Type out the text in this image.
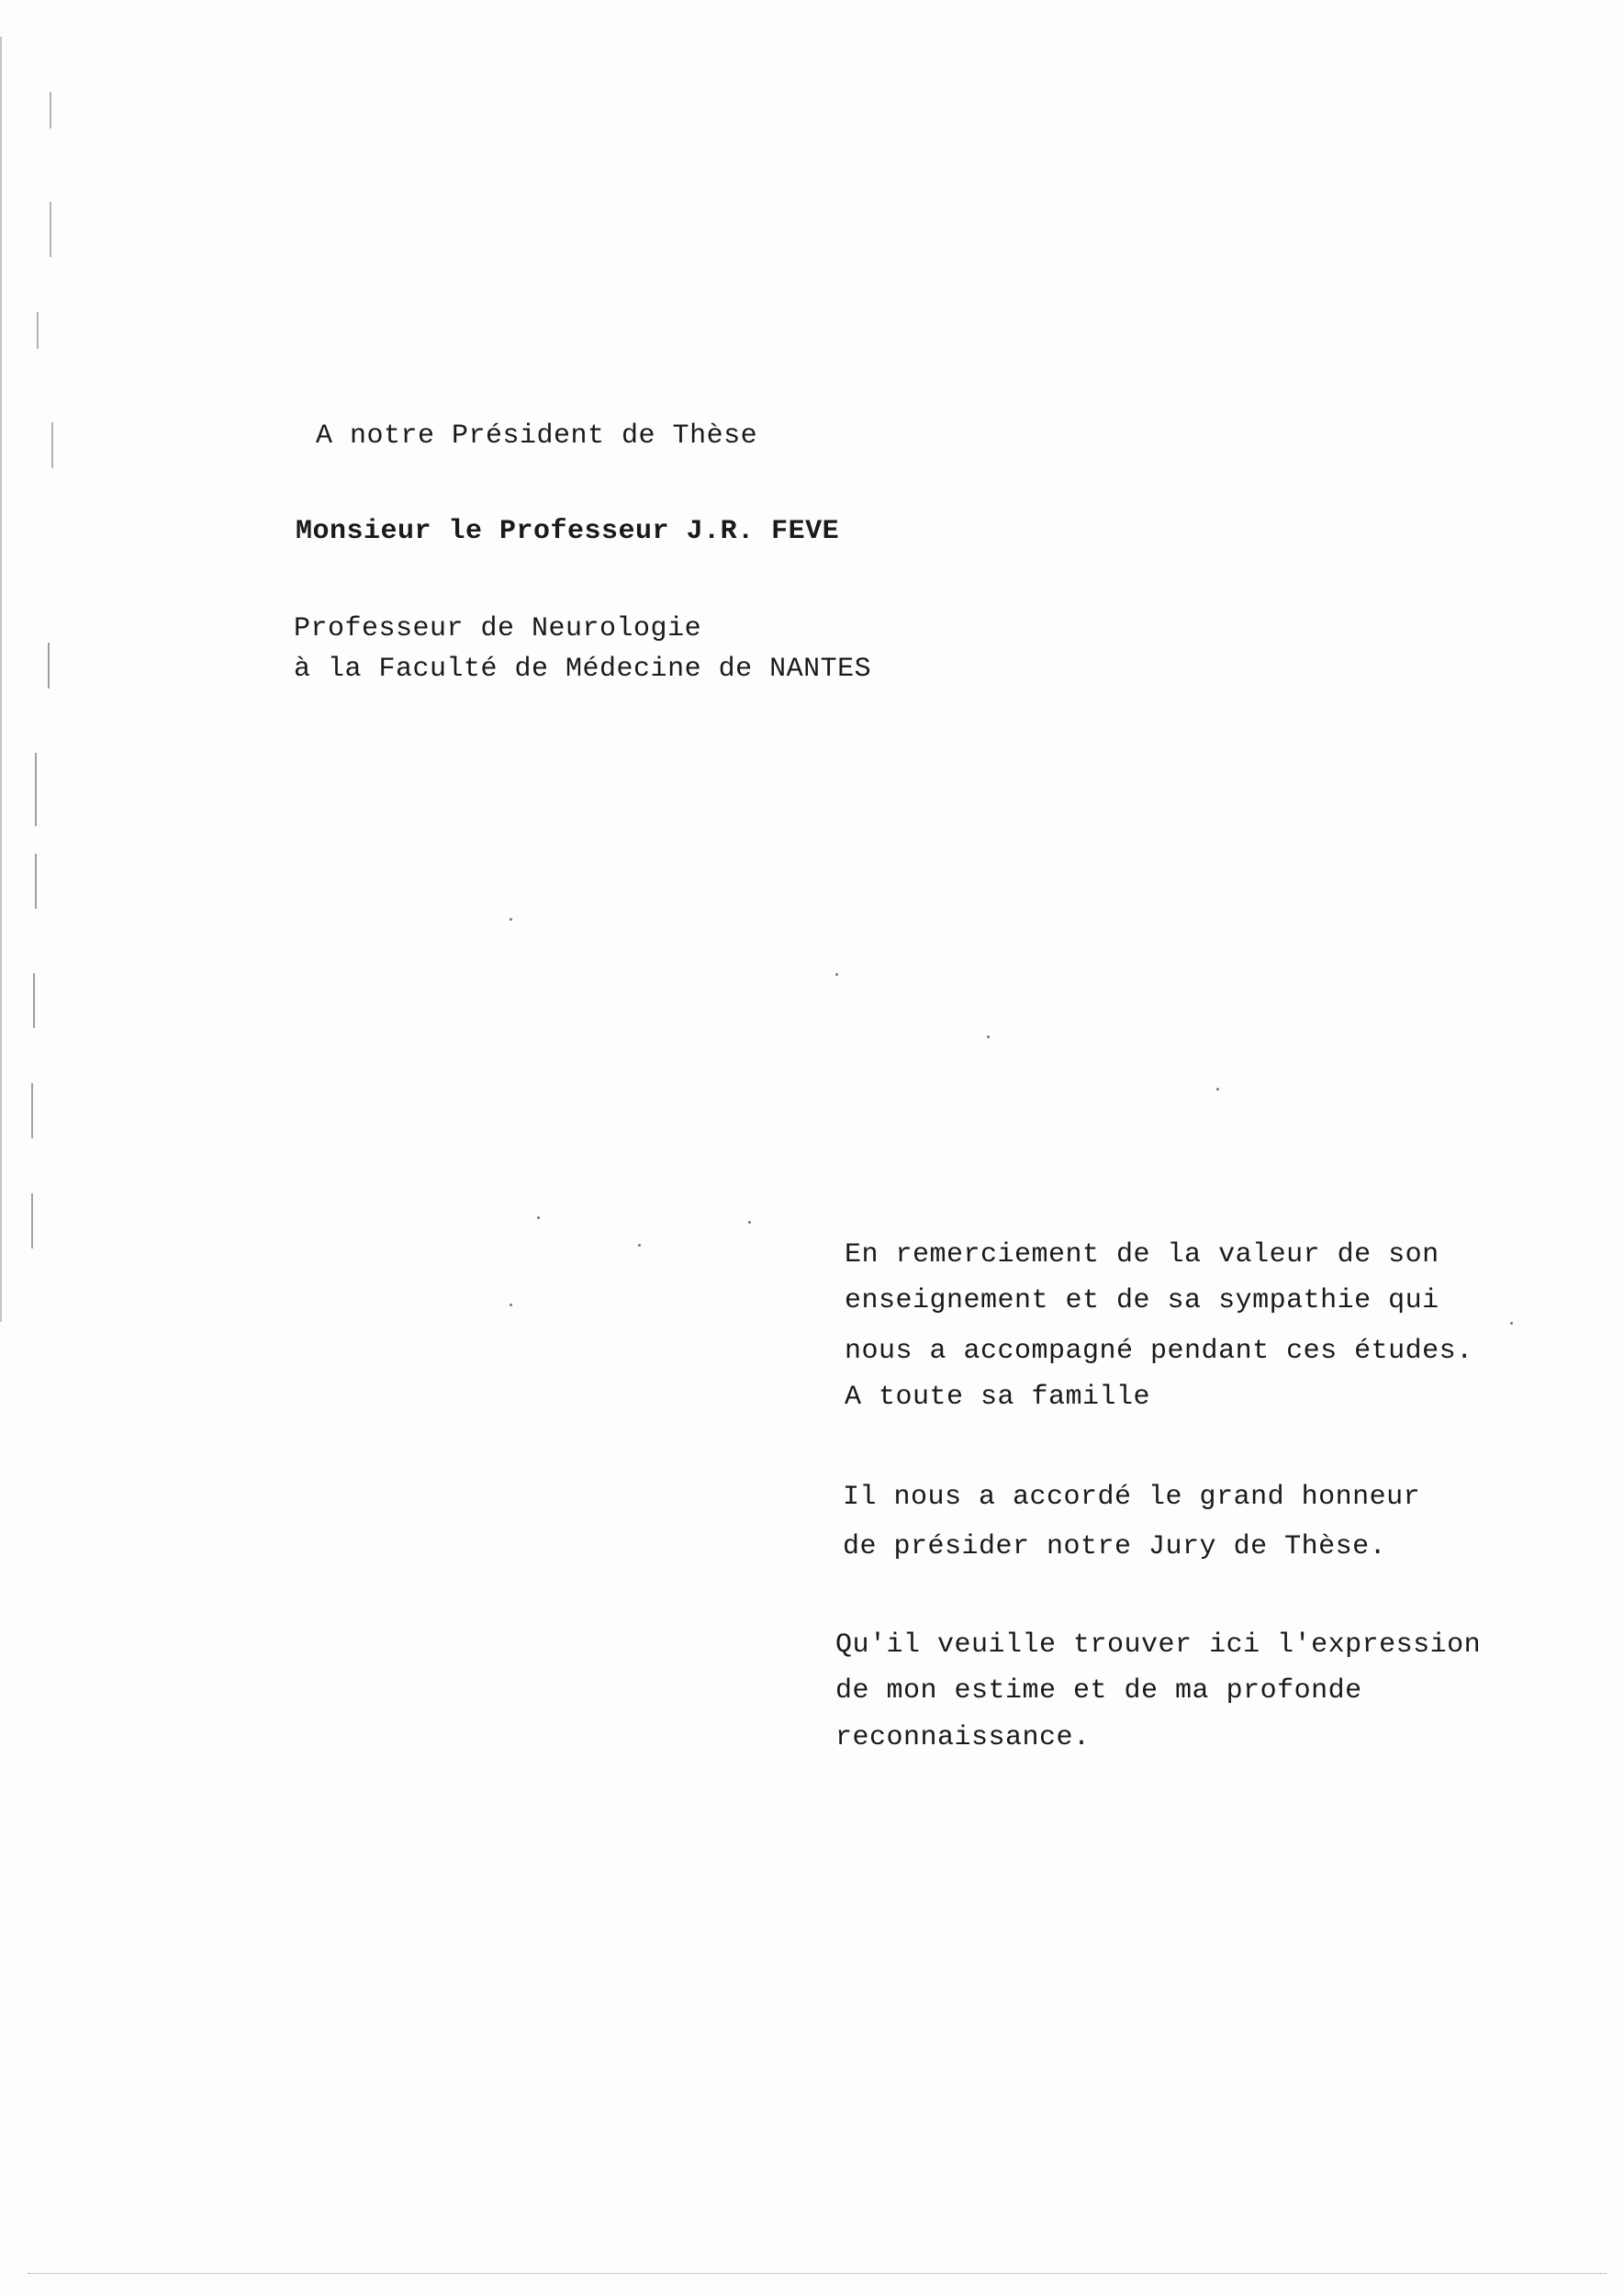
A notre Président de Thèse
Monsieur le Professeur J.R. FEVE
Professeur de Neurologie
à la Faculté de Médecine de NANTES
En remerciement de la valeur de son
enseignement et de sa sympathie qui
nous a accompagné pendant ces études.
A toute sa famille
Il nous a accordé le grand honneur
de présider notre Jury de Thèse.
Qu'il veuille trouver ici l'expression
de mon estime et de ma profonde
reconnaissance.
